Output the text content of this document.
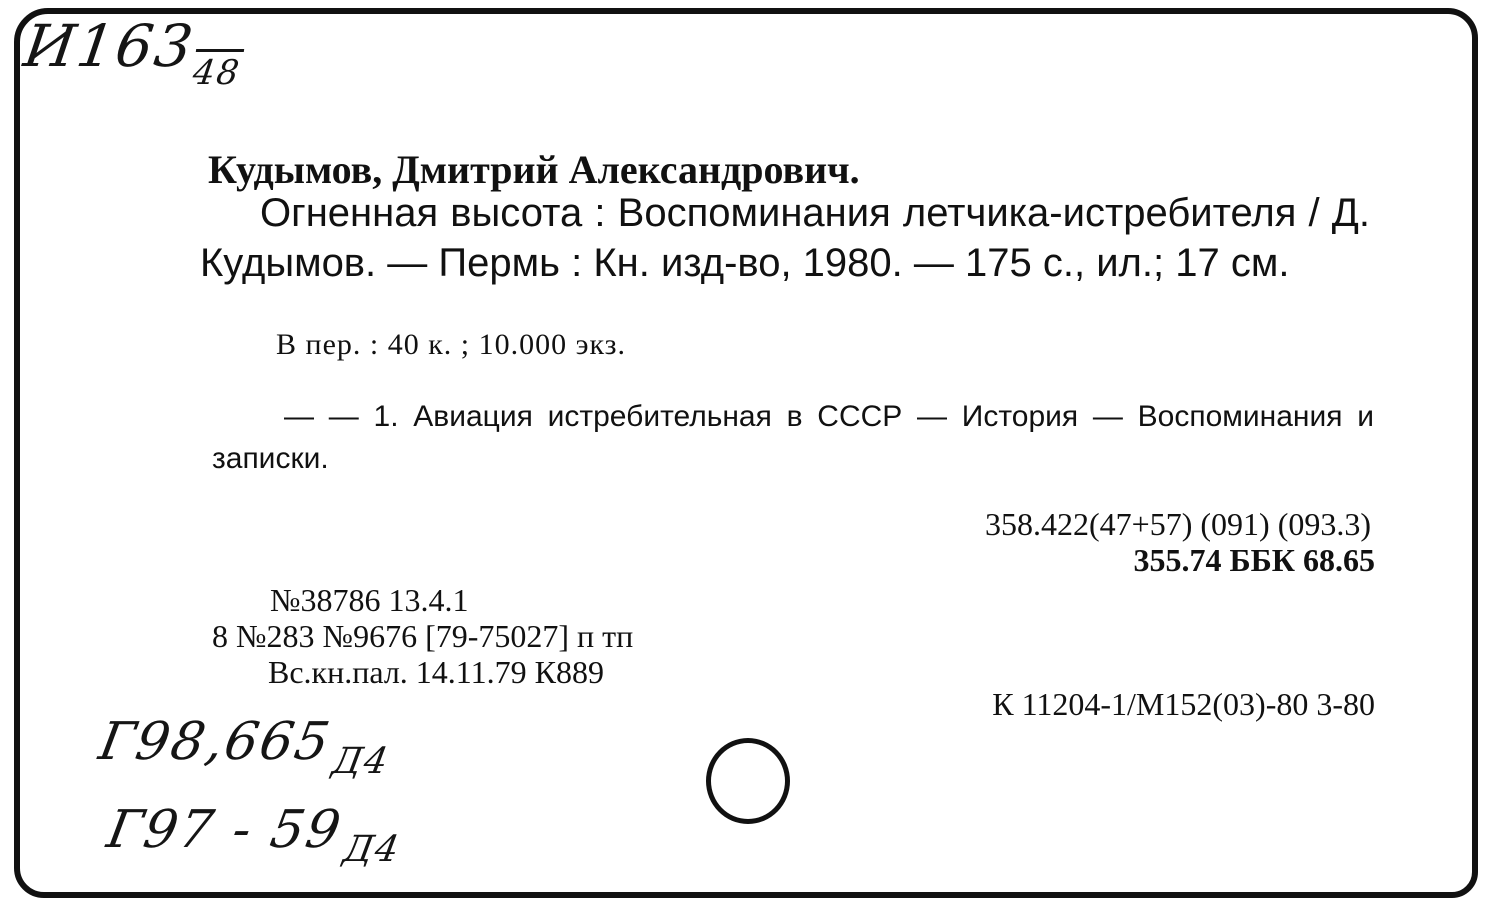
$И163_{48}$
Кудымов, Дмитрий Александрович.
Огненная высота : Воспоминания летчика-истребителя / Д. Кудымов. — Пермь : Кн. изд-во, 1980. — 175 с., ил.; 17 см.
В пер. : 40 к. ; 10.000 экз.
— — 1. Авиация истребительная в СССР — История — Воспоминания и записки.
358.422(47+57) (091) (093.3)
355.74 ББК 68.65
№38786 13.4.1
8 №283 №9676 [79-75027] п тп
Вс.кн.пал. 14.11.79 К889
К 11204-1/М152(03)-80 3-80
$Г98,665_{Д4}$
$Г97 - 59_{Д4}$
